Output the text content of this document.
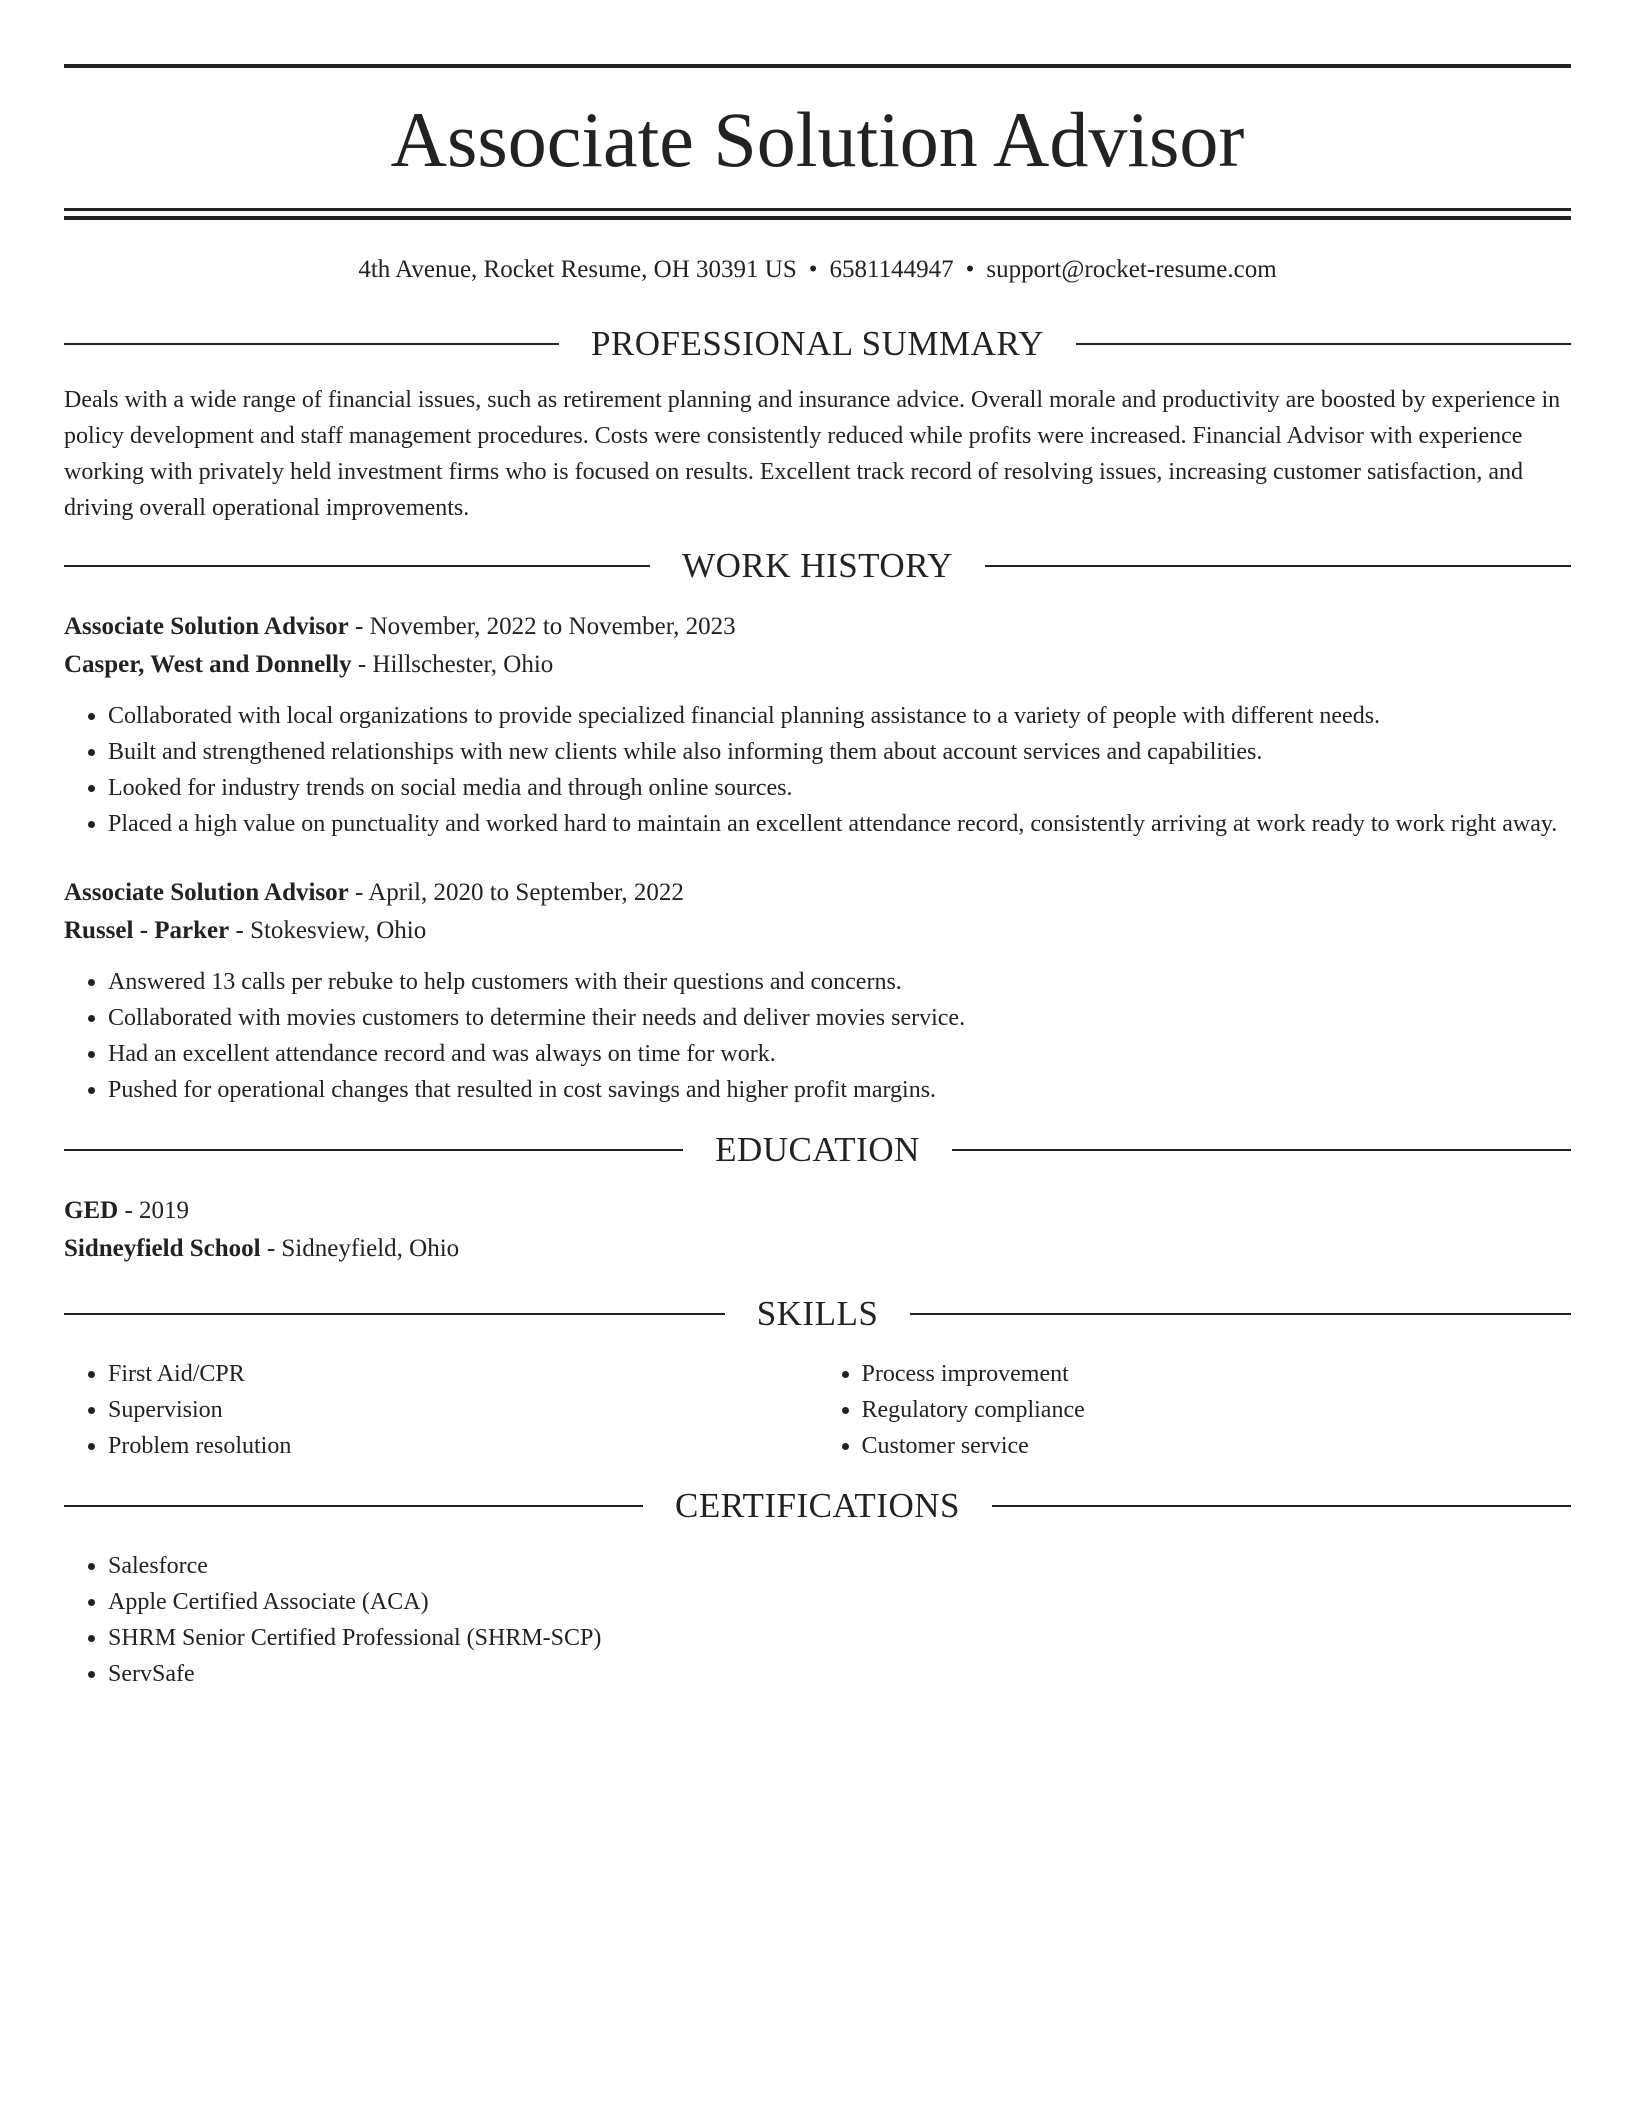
Associate Solution Advisor
4th Avenue, Rocket Resume, OH 30391 US • 6581144947 • support@rocket-resume.com
PROFESSIONAL SUMMARY
Deals with a wide range of financial issues, such as retirement planning and insurance advice. Overall morale and productivity are boosted by experience in policy development and staff management procedures. Costs were consistently reduced while profits were increased. Financial Advisor with experience working with privately held investment firms who is focused on results. Excellent track record of resolving issues, increasing customer satisfaction, and driving overall operational improvements.
WORK HISTORY
Associate Solution Advisor - November, 2022 to November, 2023
Casper, West and Donnelly - Hillschester, Ohio
• Collaborated with local organizations to provide specialized financial planning assistance to a variety of people with different needs.
• Built and strengthened relationships with new clients while also informing them about account services and capabilities.
• Looked for industry trends on social media and through online sources.
• Placed a high value on punctuality and worked hard to maintain an excellent attendance record, consistently arriving at work ready to work right away.
Associate Solution Advisor - April, 2020 to September, 2022
Russel - Parker - Stokesview, Ohio
• Answered 13 calls per rebuke to help customers with their questions and concerns.
• Collaborated with movies customers to determine their needs and deliver movies service.
• Had an excellent attendance record and was always on time for work.
• Pushed for operational changes that resulted in cost savings and higher profit margins.
EDUCATION
GED - 2019
Sidneyfield School - Sidneyfield, Ohio
SKILLS
• First Aid/CPR
• Supervision
• Problem resolution
• Process improvement
• Regulatory compliance
• Customer service
CERTIFICATIONS
• Salesforce
• Apple Certified Associate (ACA)
• SHRM Senior Certified Professional (SHRM-SCP)
• ServSafe
